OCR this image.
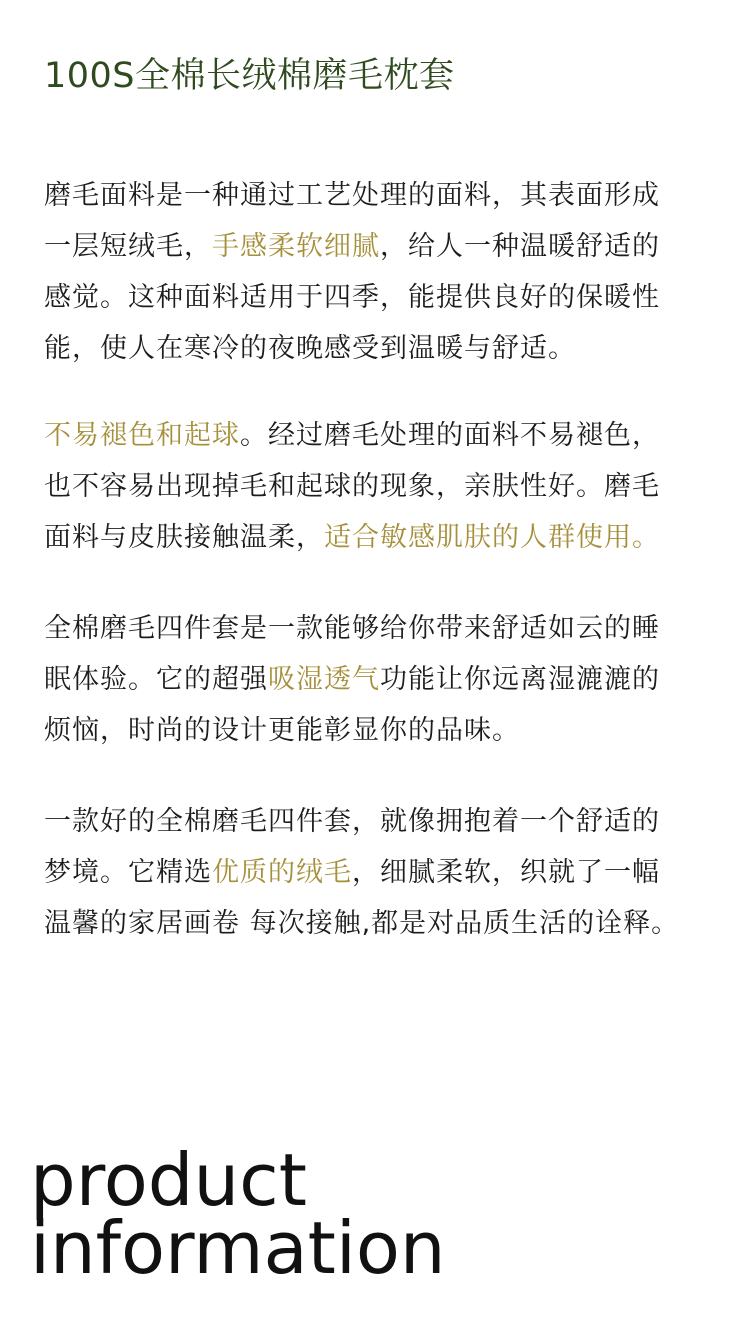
100S全棉长绒棉磨毛枕套

磨毛面料是一种通过工艺处理的面料，其表面形成
一层短绒毛，手感柔软细腻，给人一种温暖舒适的
感觉。这种面料适用于四季，能提供良好的保暖性
能，使人在寒冷的夜晚感受到温暖与舒适。

不易褪色和起球。经过磨毛处理的面料不易褪色，
也不容易出现掉毛和起球的现象，亲肤性好。磨毛
面料与皮肤接触温柔，适合敏感肌肤的人群使用。

全棉磨毛四件套是一款能够给你带来舒适如云的睡
眠体验。它的超强吸湿透气功能让你远离湿漉漉的
烦恼，时尚的设计更能彰显你的品味。

一款好的全棉磨毛四件套，就像拥抱着一个舒适的
梦境。它精选优质的绒毛，细腻柔软，织就了一幅
温馨的家居画卷 每次接触,都是对品质生活的诠释。

product
information
